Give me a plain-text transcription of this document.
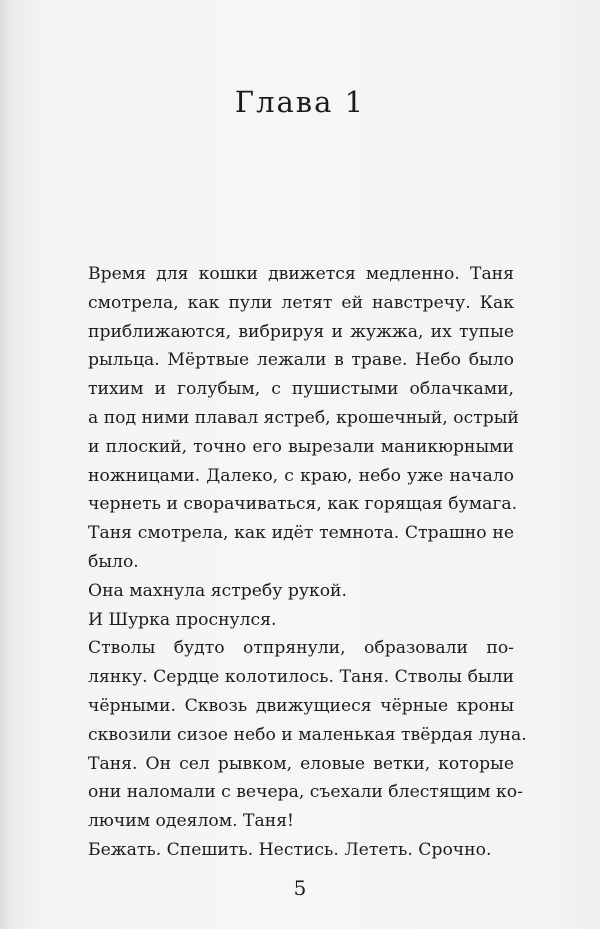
Глава 1
Время для кошки движется медленно. Таня
смотрела, как пули летят ей навстречу. Как
приближаются, вибрируя и жужжа, их тупые
рыльца. Мёртвые лежали в траве. Небо было
тихим и голубым, с пушистыми облачками,
а под ними плавал ястреб, крошечный, острый
и плоский, точно его вырезали маникюрными
ножницами. Далеко, с краю, небо уже начало
чернеть и сворачиваться, как горящая бумага.
Таня смотрела, как идёт темнота. Страшно не
было.
Она махнула ястребу рукой.
И Шурка проснулся.
Стволы будто отпрянули, образовали по-
лянку. Сердце колотилось. Таня. Стволы были
чёрными. Сквозь движущиеся чёрные кроны
сквозили сизое небо и маленькая твёрдая луна.
Таня. Он сел рывком, еловые ветки, которые
они наломали с вечера, съехали блестящим ко-
лючим одеялом. Таня!
Бежать. Спешить. Нестись. Лететь. Срочно.
5
